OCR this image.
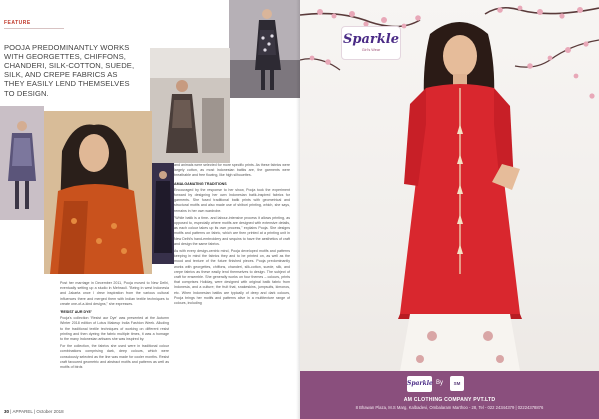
FEATURE
POOJA PREDOMINANTLY WORKS WITH GEORGETTES, CHIFFONS, CHANDERI, SILK-COTTON, SUEDE, SILK, AND CREPE FABRICS AS THEY EASILY LEND THEMSELVES TO DESIGN.

Post her marriage in December 2011, Pooja moved to New Delhi, eventually setting up a studio in Mehrauli. "Being in west Indonesia and Jakarta once I drew inspiration from the various cultural influences there and merged them with Indian textile techniques to create one-of-a-kind designs," she expresses.

'RESIST AUR DYE'

Pooja's collection 'Resist aur Dye' was presented at the Autumn Winter 2018 edition of Lotus Makeup India Fashion Week. Alluding to the traditional textile techniques of working on different resist printing and then dyeing the fabric multiple times, it was a homage to the many Indonesian artisans she was inspired by.

For the collection, the fabrics she used were in traditional colour combinations comprising dark, deep colours, which were consciously selected as the line was made for cooler months. Resist craft favoured geometric and abstract motifs and patterns as well as motifs of birds

and animals were selected for more specific prints. As these fabrics were largely cotton, as most Indonesian batiks are, the garments were breathable and free flowing, like high silhouettes.

AMALGAMATING TRADITIONS

Encouraged by the response to her show, Pooja took the experiment forward by designing her own Indonesian batik-inspired fabrics for garments. She fused traditional batik prints with geometrical and structural motifs and also made use of shibori printing, which, she says, remains in her own wardrobe.

"While batik is a time- and labour-intensive process it allows printing, as opposed to, especially where motifs are designed with extensive details, as each colour takes up its own process," explains Pooja. She designs motifs and patterns on fabric, which are then printed at a printing unit in New Delhi's hand-embroidery and sequins to have the aesthetics of craft and design the same fabrics.

As with every design-centric mind, Pooja developed motifs and patterns keeping in mind the fabrics they and to be printed on, as well as the mood and texture of the future finished pieces. Pooja predominantly works with georgettes, chiffons, chanderi, silk-cotton, suede, silk, and crepe fabrics as these easily lend themselves to design. The subject of craft for ensemble. She generally works on four themes – colours, prints that comprises Holiday, were designed with original batik fabric from Indonesia, and a culture; the fruit that, snakeskins, jumpsuits, kimonos, etc. When Indonesian batiks are typically of deep and dark colours, Pooja brings her motifs and patterns alive in a multitexture range of colours, including

30 | APPAREL | October 2018
Sparkle
Girl's Wear
Sparkle By	SM
AM CLOTHING COMPANY PVT.LTD
8 Bhawan Plaza, M.S Marg, Kalbadevi, Ombalaram Marthoo - 28, Tel - 022 24344379 | 02224378876
